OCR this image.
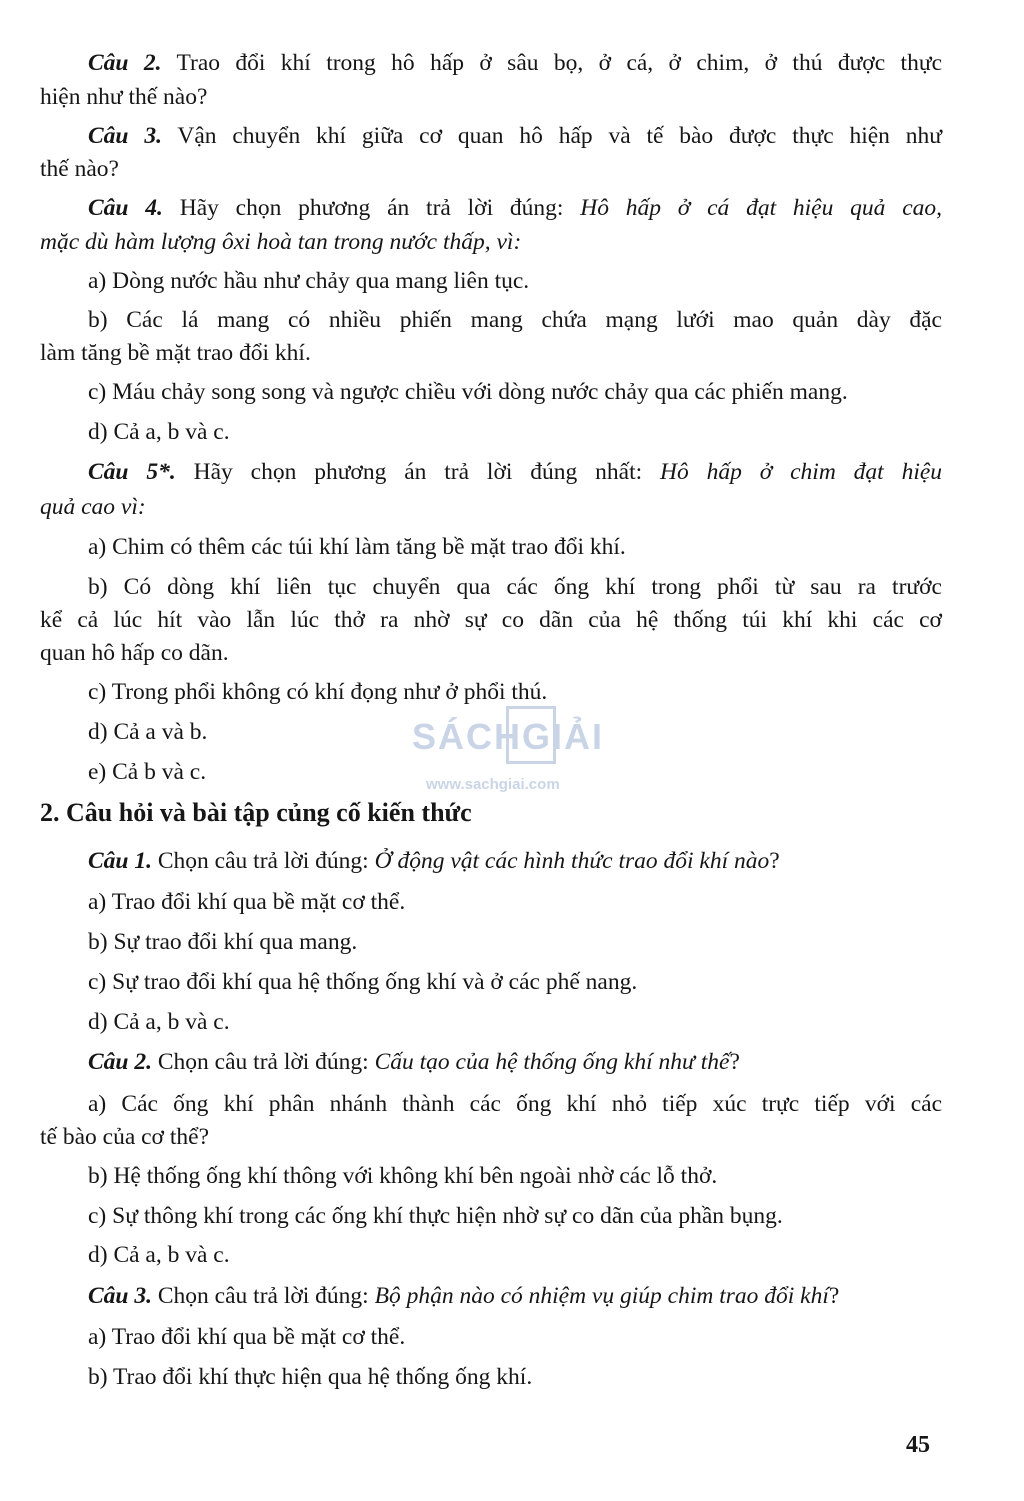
Câu 2. Trao đổi khí trong hô hấp ở sâu bọ, ở cá, ở chim, ở thú được thực
hiện như thế nào?
Câu 3. Vận chuyển khí giữa cơ quan hô hấp và tế bào được thực hiện như
thế nào?
Câu 4. Hãy chọn phương án trả lời đúng: Hô hấp ở cá đạt hiệu quả cao,
mặc dù hàm lượng ôxi hoà tan trong nước thấp, vì:
a) Dòng nước hầu như chảy qua mang liên tục.
b) Các lá mang có nhiều phiến mang chứa mạng lưới mao quản dày đặc
làm tăng bề mặt trao đổi khí.
c) Máu chảy song song và ngược chiều với dòng nước chảy qua các phiến mang.
d) Cả a, b và c.
Câu 5*. Hãy chọn phương án trả lời đúng nhất: Hô hấp ở chim đạt hiệu
quả cao vì:
a) Chim có thêm các túi khí làm tăng bề mặt trao đổi khí.
b) Có dòng khí liên tục chuyển qua các ống khí trong phổi từ sau ra trước
kể cả lúc hít vào lẫn lúc thở ra nhờ sự co dãn của hệ thống túi khí khi các cơ
quan hô hấp co dãn.
c) Trong phổi không có khí đọng như ở phổi thú.
d) Cả a và b.
e) Cả b và c.
2. Câu hỏi và bài tập củng cố kiến thức
Câu 1. Chọn câu trả lời đúng: Ở động vật các hình thức trao đổi khí nào?
a) Trao đổi khí qua bề mặt cơ thể.
b) Sự trao đổi khí qua mang.
c) Sự trao đổi khí qua hệ thống ống khí và ở các phế nang.
d) Cả a, b và c.
Câu 2. Chọn câu trả lời đúng: Cấu tạo của hệ thống ống khí như thế?
a) Các ống khí phân nhánh thành các ống khí nhỏ tiếp xúc trực tiếp với các
tế bào của cơ thể?
b) Hệ thống ống khí thông với không khí bên ngoài nhờ các lỗ thở.
c) Sự thông khí trong các ống khí thực hiện nhờ sự co dãn của phần bụng.
d) Cả a, b và c.
Câu 3. Chọn câu trả lời đúng: Bộ phận nào có nhiệm vụ giúp chim trao đổi khí?
a) Trao đổi khí qua bề mặt cơ thể.
b) Trao đổi khí thực hiện qua hệ thống ống khí.
SÁCHGIẢI
www.sachgiai.com
45
